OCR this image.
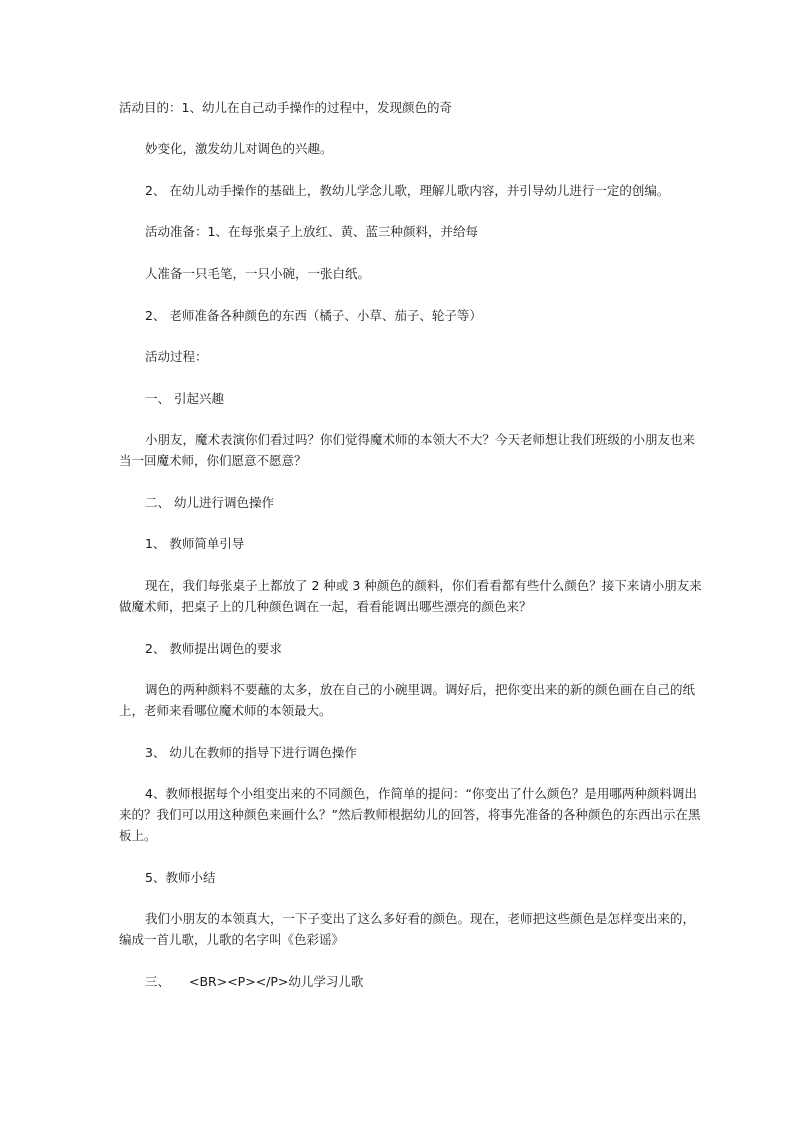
活动目的：1、幼儿在自己动手操作的过程中，发现颜色的奇
妙变化，激发幼儿对调色的兴趣。
2、 在幼儿动手操作的基础上，教幼儿学念儿歌，理解儿歌内容，并引导幼儿进行一定的创编。
活动准备：1、在每张桌子上放红、黄、蓝三种颜料，并给每
人准备一只毛笔，一只小碗，一张白纸。
2、 老师准备各种颜色的东西（橘子、小草、茄子、轮子等）
活动过程：
一、 引起兴趣
小朋友，魔术表演你们看过吗？你们觉得魔术师的本领大不大？今天老师想让我们班级的小朋友也来
当一回魔术师，你们愿意不愿意？
二、 幼儿进行调色操作
1、 教师简单引导
现在，我们每张桌子上都放了 2 种或 3 种颜色的颜料，你们看看都有些什么颜色？接下来请小朋友来
做魔术师，把桌子上的几种颜色调在一起，看看能调出哪些漂亮的颜色来？
2、 教师提出调色的要求
调色的两种颜料不要蘸的太多，放在自己的小碗里调。调好后，把你变出来的新的颜色画在自己的纸
上，老师来看哪位魔术师的本领最大。
3、 幼儿在教师的指导下进行调色操作
4、教师根据每个小组变出来的不同颜色，作简单的提问：“你变出了什么颜色？是用哪两种颜料调出
来的？我们可以用这种颜色来画什么？”然后教师根据幼儿的回答，将事先准备的各种颜色的东西出示在黑
板上。
5、教师小结
我们小朋友的本领真大，一下子变出了这么多好看的颜色。现在，老师把这些颜色是怎样变出来的，
编成一首儿歌，儿歌的名字叫《色彩谣》
三、 <BR><P></P>幼儿学习儿歌
